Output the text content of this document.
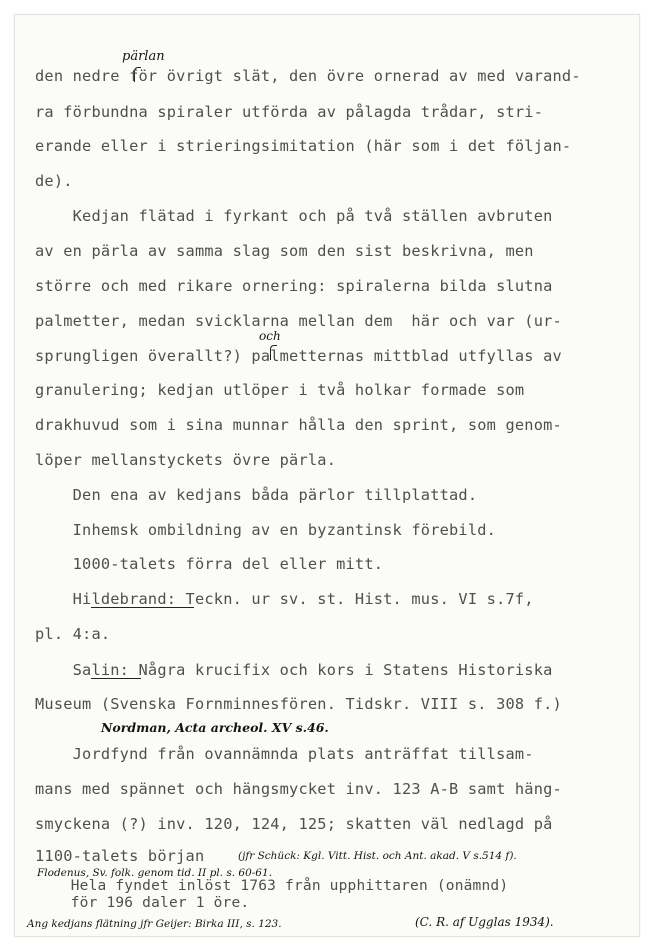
pärlan
den nedre för övrigt slät, den övre ornerad av med varand-
ra förbundna spiraler utförda av pålagda trådar, stri-
erande eller i strieringsimitation (här som i det följan-
de).
Kedjan flätad i fyrkant och på två ställen avbruten
av en pärla av samma slag som den sist beskrivna, men
större och med rikare ornering: spiralerna bilda slutna
palmetter, medan svicklarna mellan dem  här och var (ur-
och
sprungligen överallt?) palmetternas mittblad utfyllas av
granulering; kedjan utlöper i två holkar formade som
drakhuvud som i sina munnar hålla den sprint, som genom-
löper mellanstyckets övre pärla.
Den ena av kedjans båda pärlor tillplattad.
Inhemsk ombildning av en byzantinsk förebild.
1000-talets förra del eller mitt.
Hildebrand: Teckn. ur sv. st. Hist. mus. VI s.7f,
pl. 4:a.
Salin: Några krucifix och kors i Statens Historiska
Museum (Svenska Fornminnesfören. Tidskr. VIII s. 308 f.)
Nordman, Acta archeol. XV s.46.
Jordfynd från ovannämnda plats anträffat tillsam-
mans med spännet och hängsmycket inv. 123 A-B samt häng-
smyckena (?) inv. 120, 124, 125; skatten väl nedlagd på
1100-talets början	(jfr Schück: Kgl. Vitt. Hist. och Ant. akad. V s.514 f).
Flodenus, Sv. folk. genom tid. II pl. s. 60-61.
Hela fyndet inlöst 1763 från upphittaren (onämnd)
för 196 daler 1 öre.
Ang kedjans flätning jfr Geijer: Birka III, s. 123.	(C. R. af Ugglas 1934).
